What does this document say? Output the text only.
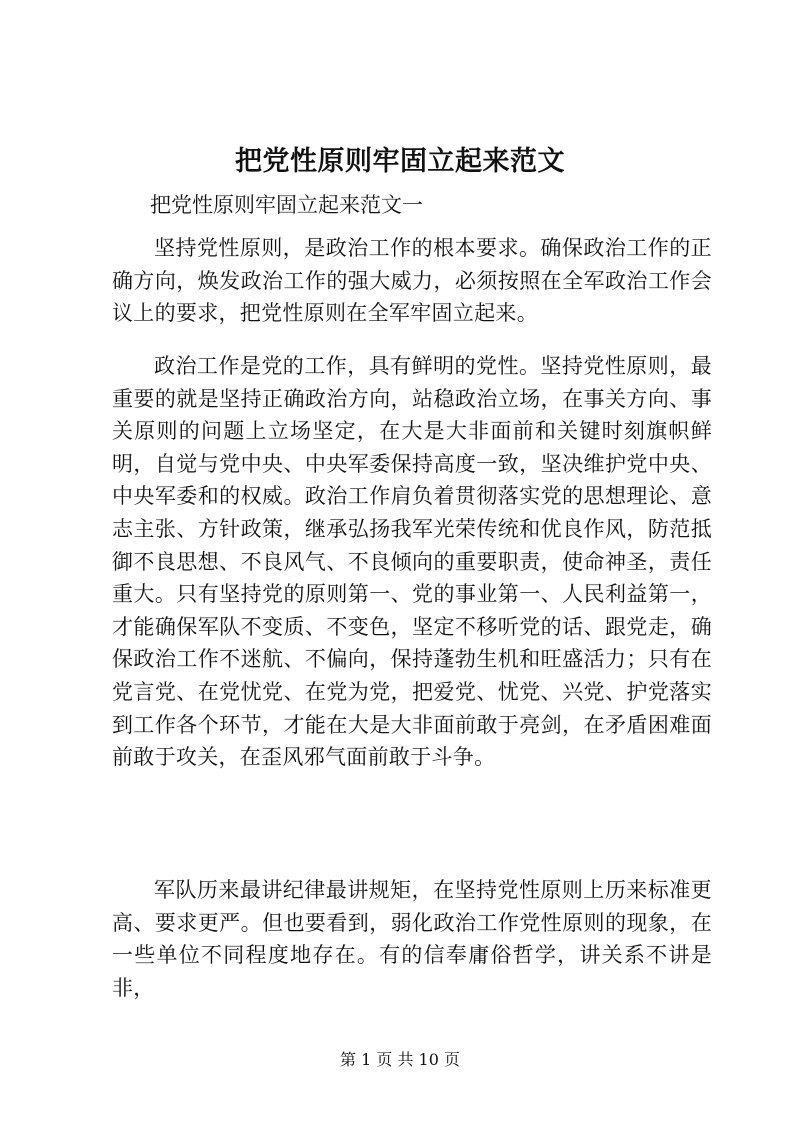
把党性原则牢固立起来范文

把党性原则牢固立起来范文一

坚持党性原则，是政治工作的根本要求。确保政治工作的正确方向，焕发政治工作的强大威力，必须按照在全军政治工作会议上的要求，把党性原则在全军牢固立起来。

政治工作是党的工作，具有鲜明的党性。坚持党性原则，最重要的就是坚持正确政治方向，站稳政治立场，在事关方向、事关原则的问题上立场坚定，在大是大非面前和关键时刻旗帜鲜明，自觉与党中央、中央军委保持高度一致，坚决维护党中央、中央军委和的权威。政治工作肩负着贯彻落实党的思想理论、意志主张、方针政策，继承弘扬我军光荣传统和优良作风，防范抵御不良思想、不良风气、不良倾向的重要职责，使命神圣，责任重大。只有坚持党的原则第一、党的事业第一、人民利益第一，才能确保军队不变质、不变色，坚定不移听党的话、跟党走，确保政治工作不迷航、不偏向，保持蓬勃生机和旺盛活力；只有在党言党、在党忧党、在党为党，把爱党、忧党、兴党、护党落实到工作各个环节，才能在大是大非面前敢于亮剑，在矛盾困难面前敢于攻关，在歪风邪气面前敢于斗争。

军队历来最讲纪律最讲规矩，在坚持党性原则上历来标准更高、要求更严。但也要看到，弱化政治工作党性原则的现象，在一些单位不同程度地存在。有的信奉庸俗哲学，讲关系不讲是非，

第 1 页 共 10 页
